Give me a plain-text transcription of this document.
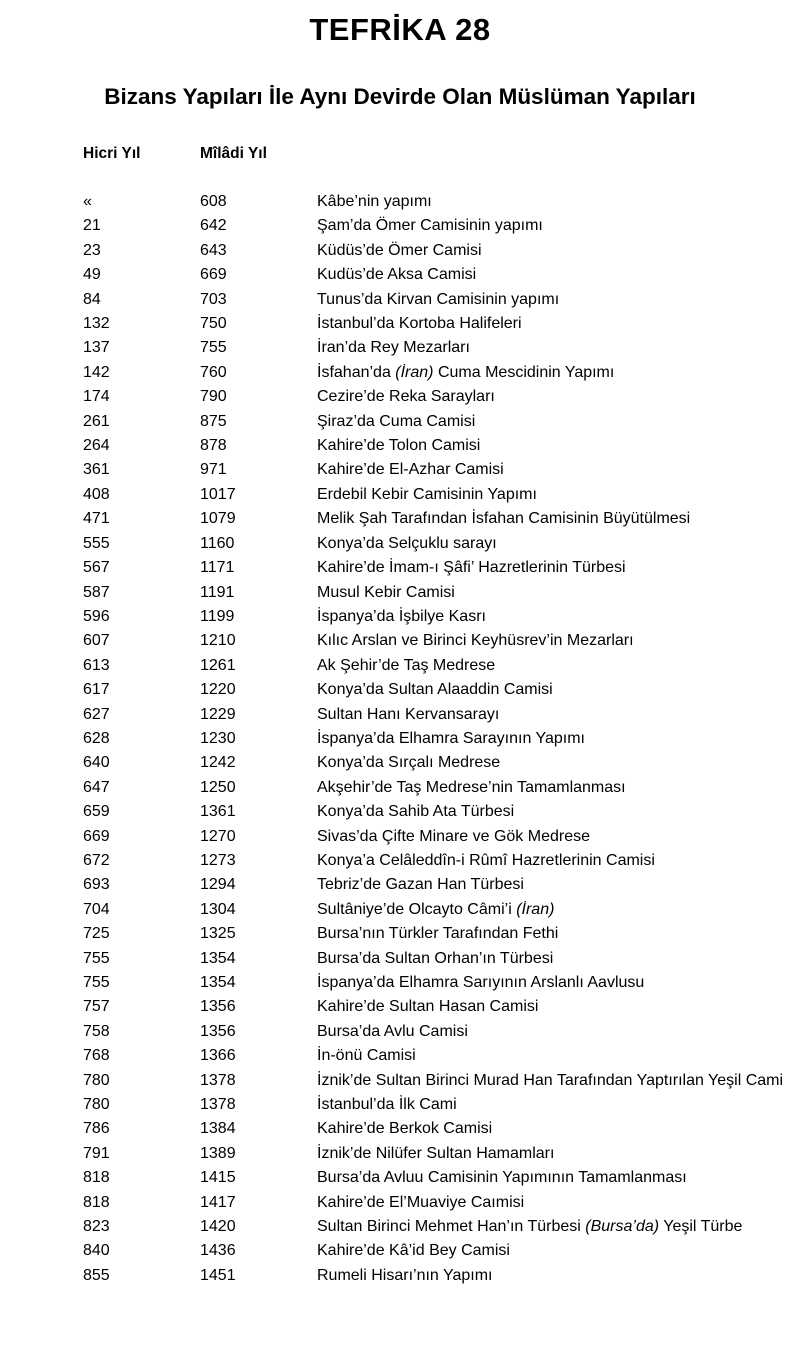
TEFRİKA 28
Bizans Yapıları İle Aynı Devirde Olan Müslüman Yapıları
Hicri Yıl	Mîlâdi Yıl
«	608	Kâbe’nin yapımı
21	642	Şam’da Ömer Camisinin yapımı
23	643	Küdüs’de Ömer Camisi
49	669	Kudüs’de Aksa Camisi
84	703	Tunus’da Kirvan Camisinin yapımı
132	750	İstanbul’da Kortoba Halifeleri
137	755	İran’da Rey Mezarları
142	760	İsfahan’da (İran) Cuma Mescidinin Yapımı
174	790	Cezire’de Reka Sarayları
261	875	Şiraz’da Cuma Camisi
264	878	Kahire’de Tolon Camisi
361	971	Kahire’de El-Azhar Camisi
408	1017	Erdebil Kebir Camisinin Yapımı
471	1079	Melik Şah Tarafından İsfahan Camisinin Büyütülmesi
555	1160	Konya’da Selçuklu sarayı
567	1171	Kahire’de İmam-ı Şâfi’ Hazretlerinin Türbesi
587	1191	Musul Kebir Camisi
596	1199	İspanya’da İşbilye Kasrı
607	1210	Kılıc Arslan ve Birinci Keyhüsrev’in Mezarları
613	1261	Ak Şehir’de Taş Medrese
617	1220	Konya’da Sultan Alaaddin Camisi
627	1229	Sultan Hanı Kervansarayı
628	1230	İspanya’da Elhamra Sarayının Yapımı
640	1242	Konya’da Sırçalı Medrese
647	1250	Akşehir’de Taş Medrese’nin Tamamlanması
659	1361	Konya’da Sahib Ata Türbesi
669	1270	Sivas’da Çifte Minare ve Gök Medrese
672	1273	Konya’a Celâleddîn-i Rûmî Hazretlerinin Camisi
693	1294	Tebriz’de Gazan Han Türbesi
704	1304	Sultâniye’de Olcayto Câmi’i (İran)
725	1325	Bursa’nın Türkler Tarafından Fethi
755	1354	Bursa’da Sultan Orhan’ın Türbesi
755	1354	İspanya’da Elhamra Sarıyının Arslanlı Aavlusu
757	1356	Kahire’de Sultan Hasan Camisi
758	1356	Bursa’da Avlu Camisi
768	1366	İn-önü Camisi
780	1378	İznik’de Sultan Birinci Murad Han Tarafından Yaptırılan Yeşil Cami
780	1378	İstanbul’da İlk Cami
786	1384	Kahire’de Berkok Camisi
791	1389	İznik’de Nilüfer Sultan Hamamları
818	1415	Bursa’da Avluu Camisinin Yapımının Tamamlanması
818	1417	Kahire’de El’Muaviye Caımisi
823	1420	Sultan Birinci Mehmet Han’ın Türbesi (Bursa’da) Yeşil Türbe
840	1436	Kahire’de Kâ’id Bey Camisi
855	1451	Rumeli Hisarı’nın Yapımı
